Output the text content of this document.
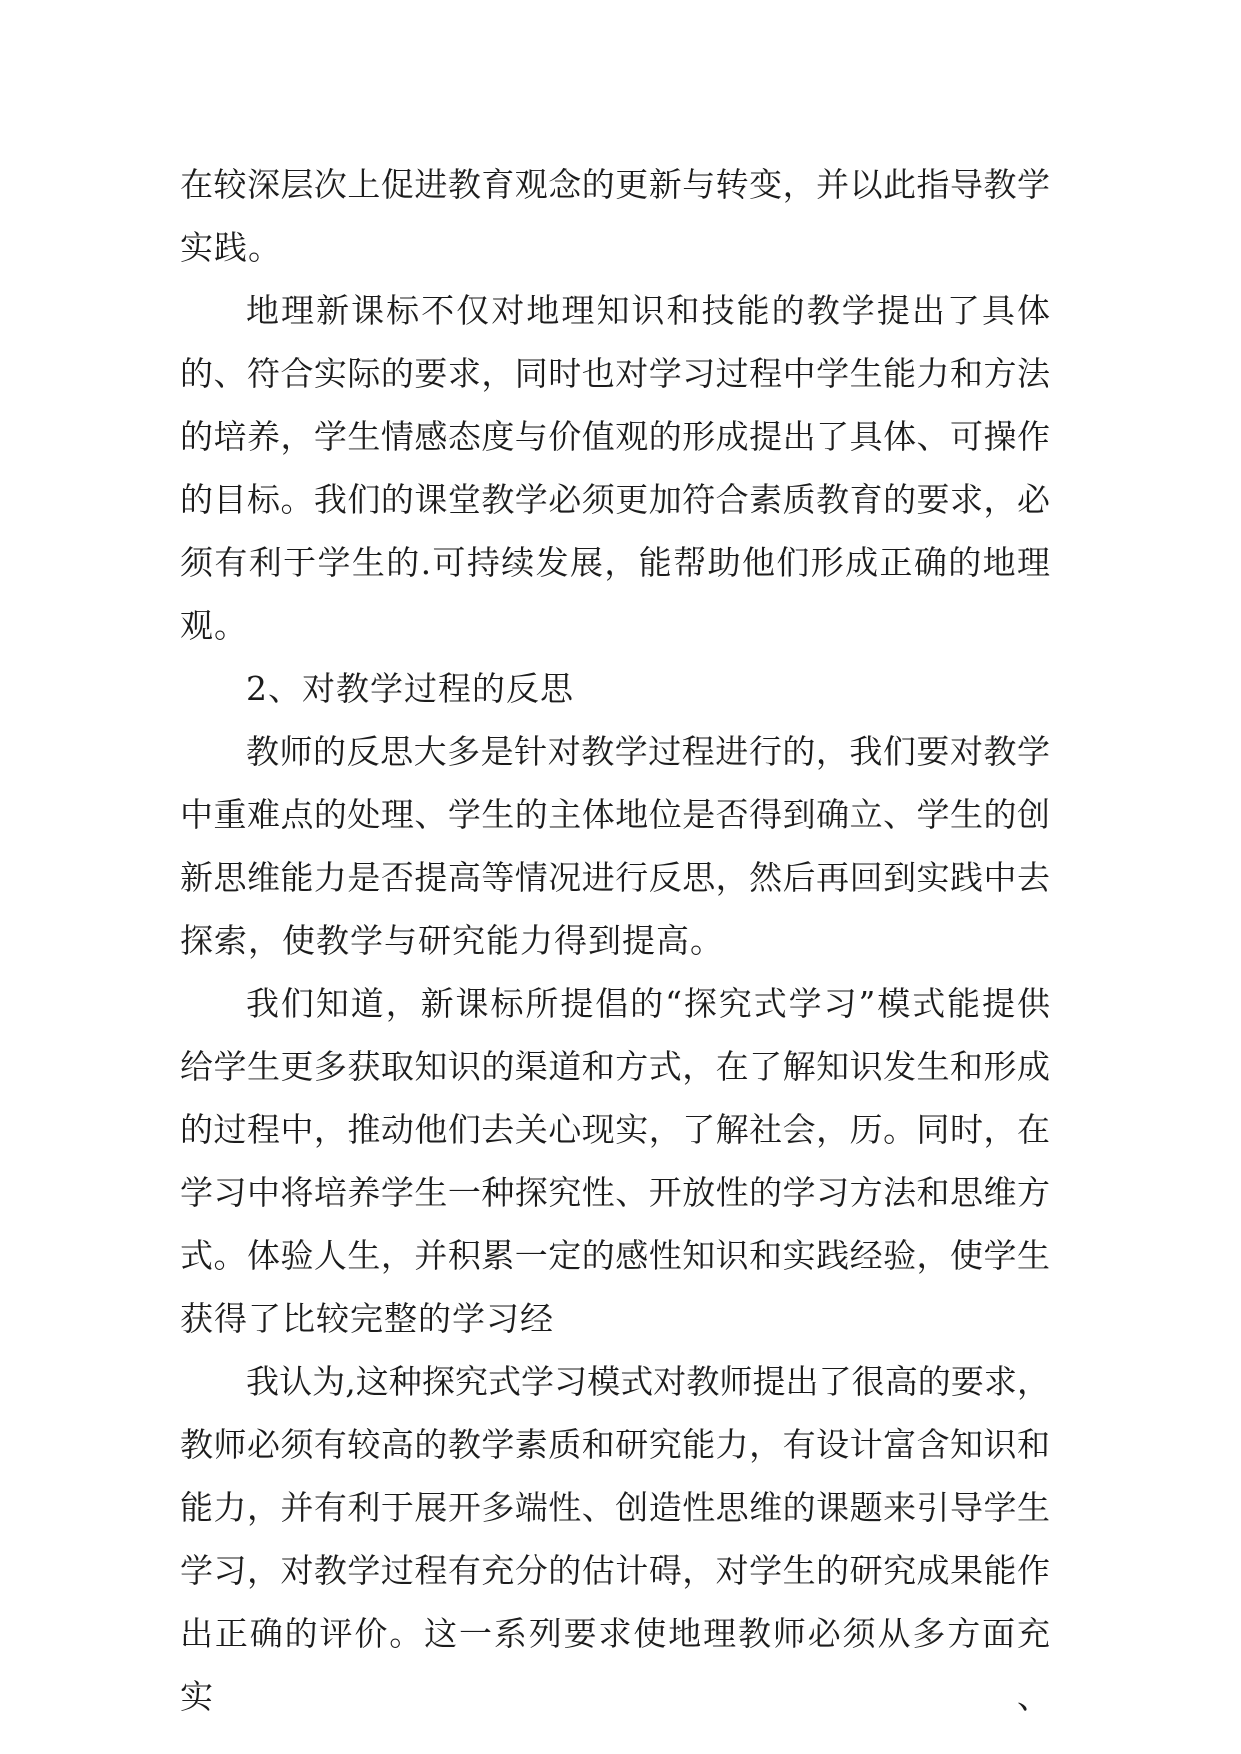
在较深层次上促进教育观念的更新与转变，并以此指导教学
实践。
地理新课标不仅对地理知识和技能的教学提出了具体
的、符合实际的要求，同时也对学习过程中学生能力和方法
的培养，学生情感态度与价值观的形成提出了具体、可操作
的目标。我们的课堂教学必须更加符合素质教育的要求，必
须有利于学生的.可持续发展，能帮助他们形成正确的地理
观。
2、对教学过程的反思
教师的反思大多是针对教学过程进行的，我们要对教学
中重难点的处理、学生的主体地位是否得到确立、学生的创
新思维能力是否提高等情况进行反思，然后再回到实践中去
探索，使教学与研究能力得到提高。
我们知道，新课标所提倡的“探究式学习”模式能提供
给学生更多获取知识的渠道和方式，在了解知识发生和形成
的过程中，推动他们去关心现实，了解社会，历。同时，在
学习中将培养学生一种探究性、开放性的学习方法和思维方
式。体验人生，并积累一定的感性知识和实践经验，使学生
获得了比较完整的学习经
我认为,这种探究式学习模式对教师提出了很高的要求，
教师必须有较高的教学素质和研究能力，有设计富含知识和
能力，并有利于展开多端性、创造性思维的课题来引导学生
学习，对教学过程有充分的估计碍，对学生的研究成果能作
出正确的评价。这一系列要求使地理教师必须从多方面充实、
